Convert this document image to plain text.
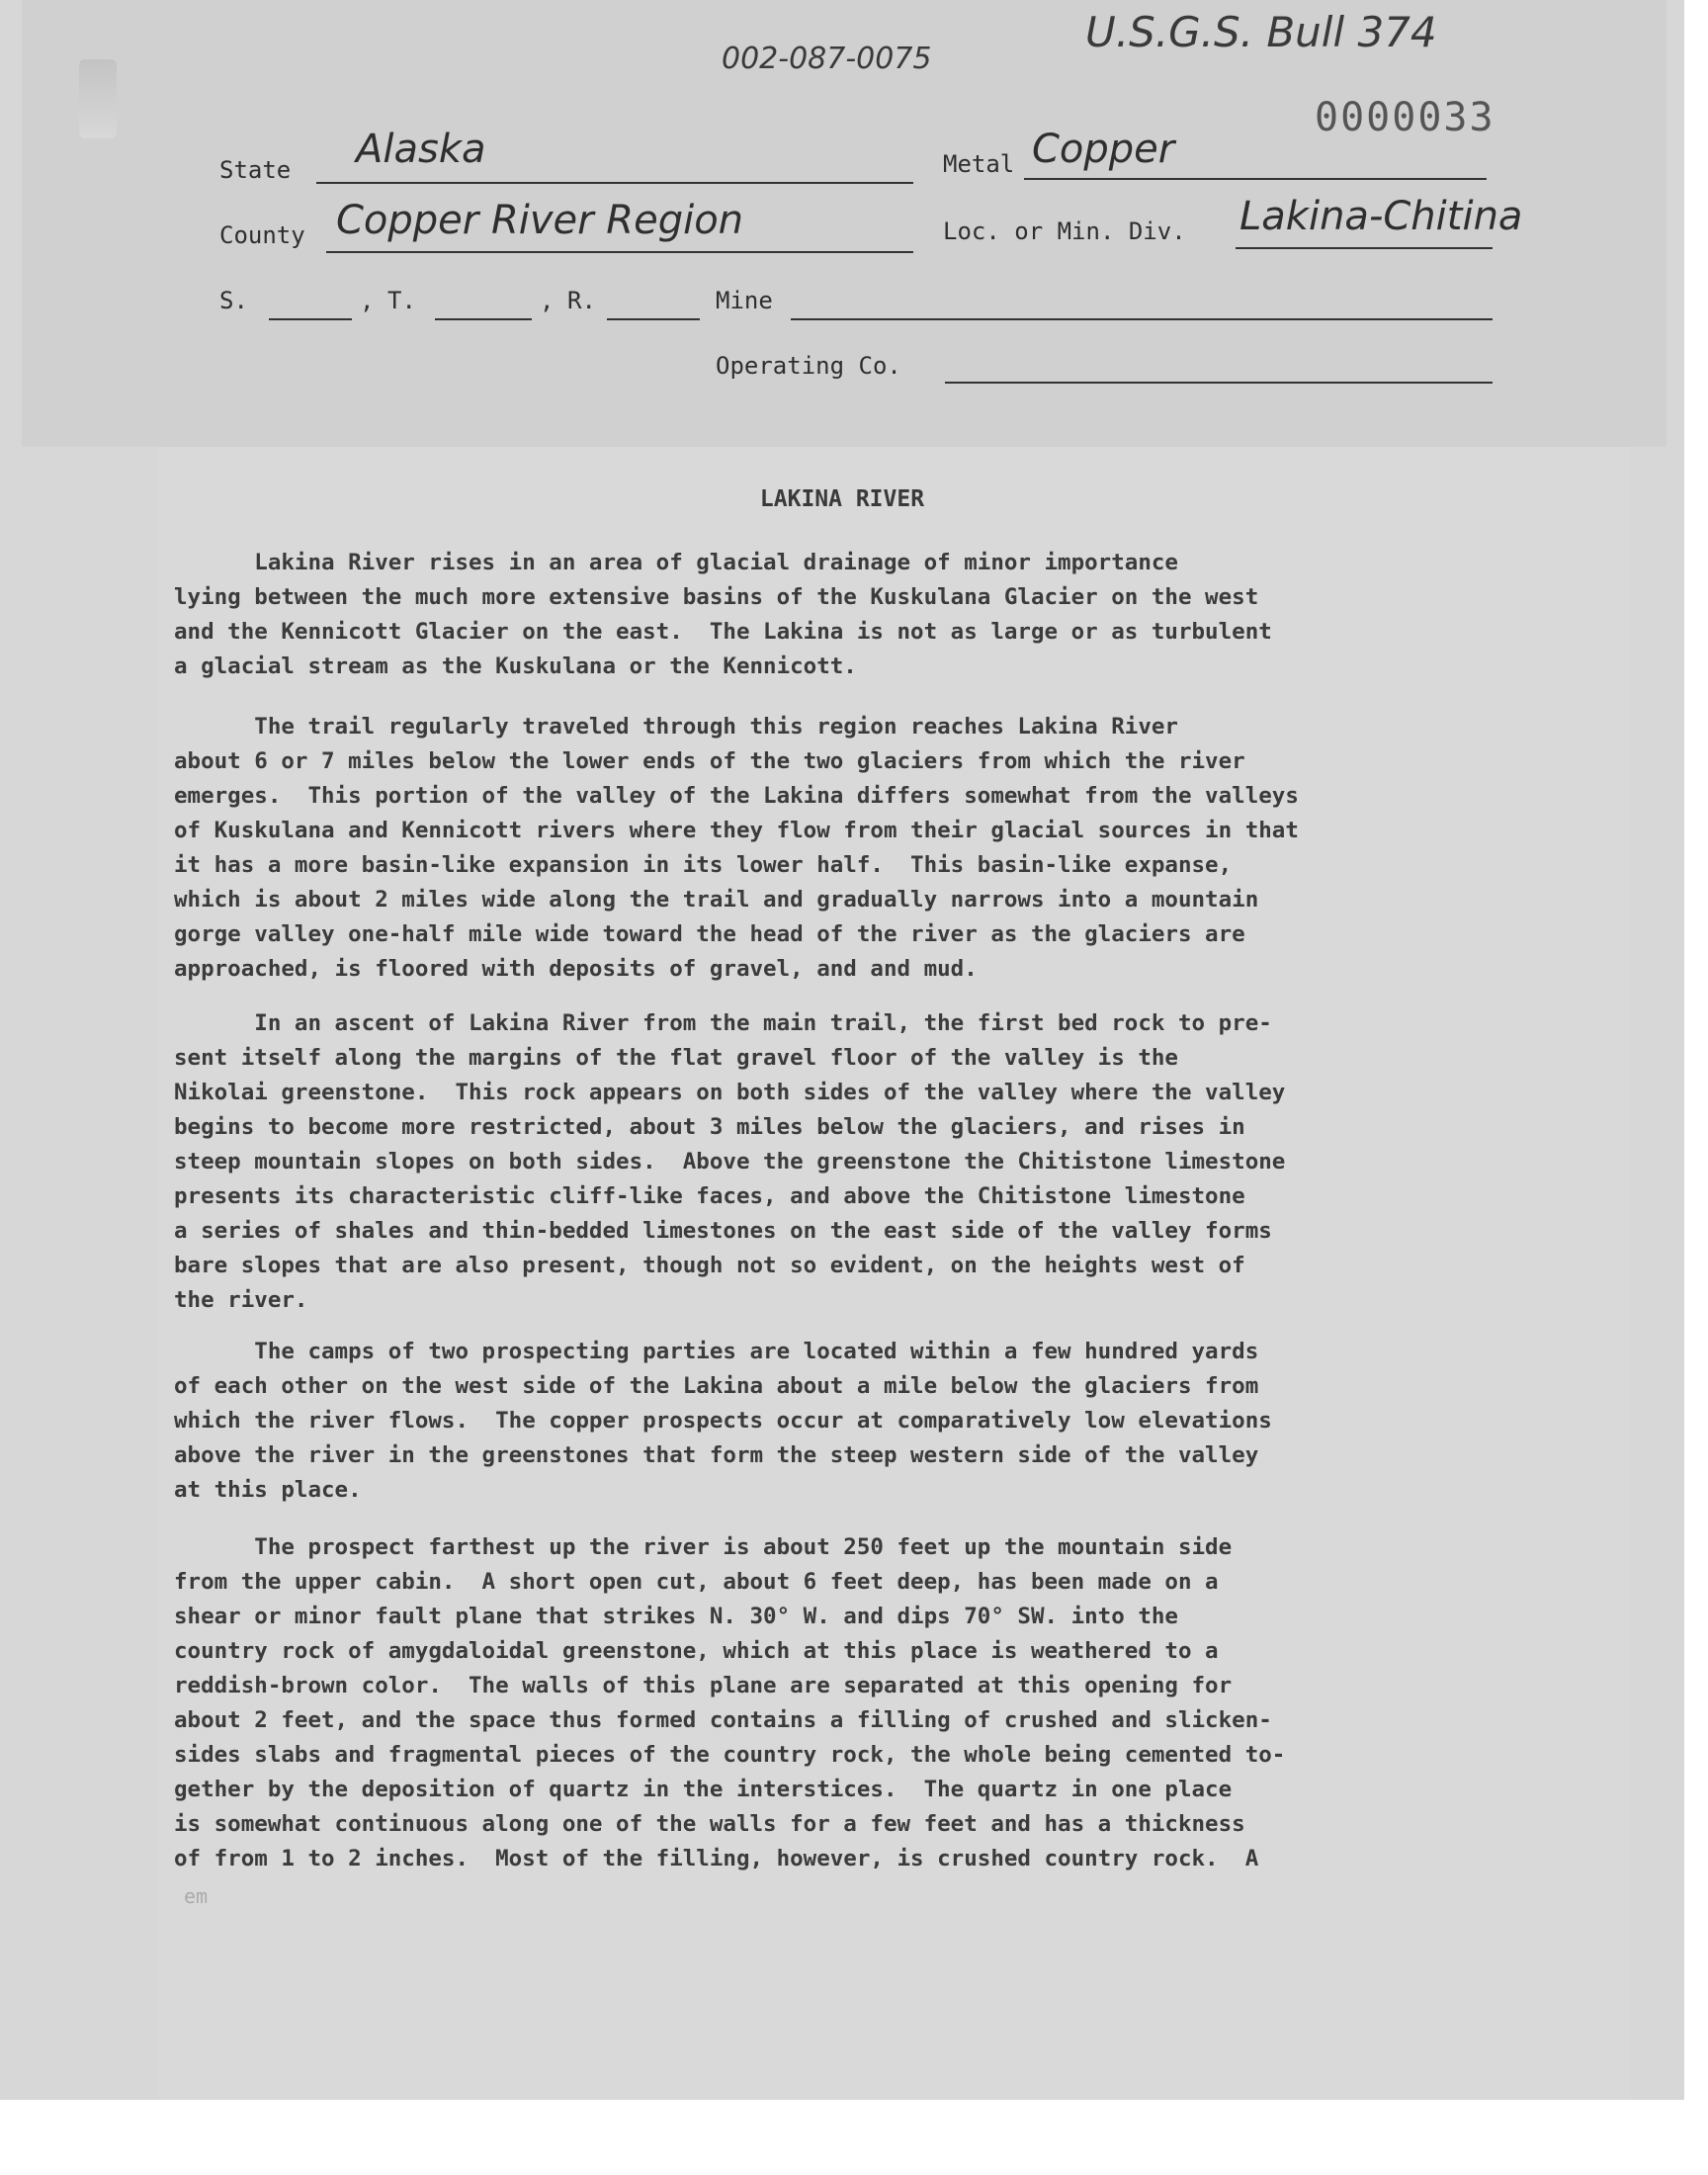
U.S.G.S. Bull 374
002-087-0075
0000033
State Alaska	Metal Copper
County Copper River Region	Loc. or Min. Div. Lakina-Chitina
S.	, T.	, R.	Mine
Operating Co.
LAKINA RIVER
Lakina River rises in an area of glacial drainage of minor importance
lying between the much more extensive basins of the Kuskulana Glacier on the west
and the Kennicott Glacier on the east.  The Lakina is not as large or as turbulent
a glacial stream as the Kuskulana or the Kennicott.
The trail regularly traveled through this region reaches Lakina River
about 6 or 7 miles below the lower ends of the two glaciers from which the river
emerges.  This portion of the valley of the Lakina differs somewhat from the valleys
of Kuskulana and Kennicott rivers where they flow from their glacial sources in that
it has a more basin-like expansion in its lower half.  This basin-like expanse,
which is about 2 miles wide along the trail and gradually narrows into a mountain
gorge valley one-half mile wide toward the head of the river as the glaciers are
approached, is floored with deposits of gravel, and and mud.
In an ascent of Lakina River from the main trail, the first bed rock to pre-
sent itself along the margins of the flat gravel floor of the valley is the
Nikolai greenstone.  This rock appears on both sides of the valley where the valley
begins to become more restricted, about 3 miles below the glaciers, and rises in
steep mountain slopes on both sides.  Above the greenstone the Chitistone limestone
presents its characteristic cliff-like faces, and above the Chitistone limestone
a series of shales and thin-bedded limestones on the east side of the valley forms
bare slopes that are also present, though not so evident, on the heights west of
the river.
The camps of two prospecting parties are located within a few hundred yards
of each other on the west side of the Lakina about a mile below the glaciers from
which the river flows.  The copper prospects occur at comparatively low elevations
above the river in the greenstones that form the steep western side of the valley
at this place.
The prospect farthest up the river is about 250 feet up the mountain side
from the upper cabin.  A short open cut, about 6 feet deep, has been made on a
shear or minor fault plane that strikes N. 30° W. and dips 70° SW. into the
country rock of amygdaloidal greenstone, which at this place is weathered to a
reddish-brown color.  The walls of this plane are separated at this opening for
about 2 feet, and the space thus formed contains a filling of crushed and slicken-
sides slabs and fragmental pieces of the country rock, the whole being cemented to-
gether by the deposition of quartz in the interstices.  The quartz in one place
is somewhat continuous along one of the walls for a few feet and has a thickness
of from 1 to 2 inches.  Most of the filling, however, is crushed country rock.  A
em
